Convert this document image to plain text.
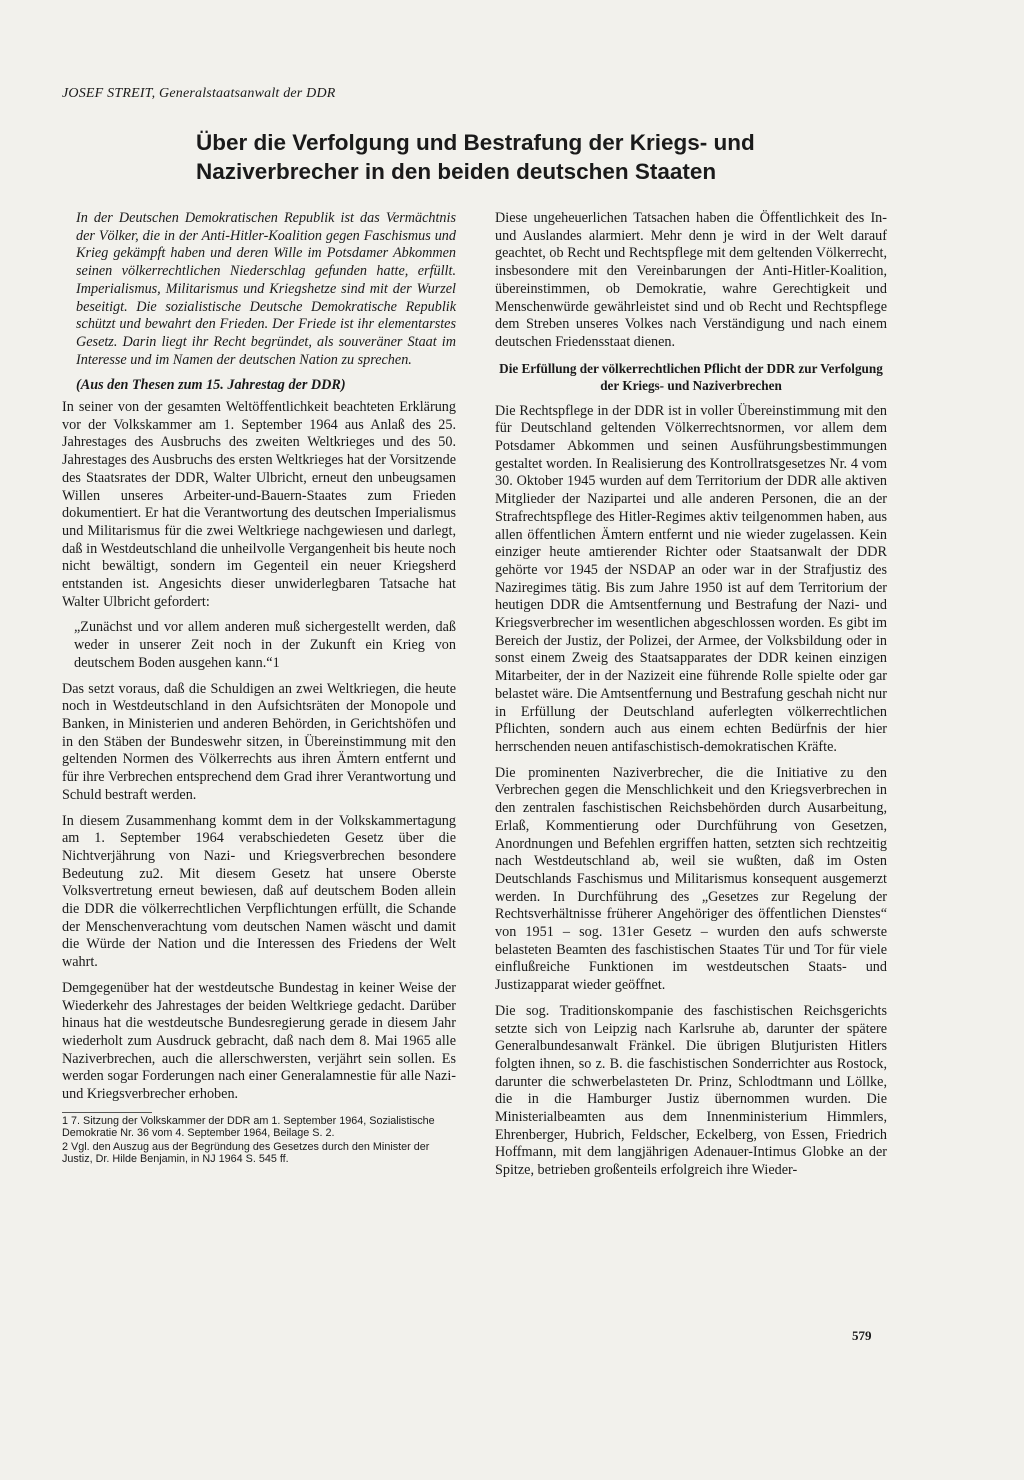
JOSEF STREIT, Generalstaatsanwalt der DDR
Über die Verfolgung und Bestrafung der Kriegs- und
Naziverbrecher in den beiden deutschen Staaten

In der Deutschen Demokratischen Republik ist das Vermächtnis der Völker, die in der Anti-Hitler-Koalition gegen Faschismus und Krieg gekämpft haben und deren Wille im Potsdamer Abkommen seinen völkerrechtlichen Niederschlag gefunden hatte, erfüllt. Imperialismus, Militarismus und Kriegshetze sind mit der Wurzel beseitigt. Die sozialistische Deutsche Demokratische Republik schützt und bewahrt den Frieden. Der Friede ist ihr elementarstes Gesetz. Darin liegt ihr Recht begründet, als souveräner Staat im Interesse und im Namen der deutschen Nation zu sprechen.

(Aus den Thesen zum 15. Jahrestag der DDR)

In seiner von der gesamten Weltöffentlichkeit beachteten Erklärung vor der Volkskammer am 1. September 1964 aus Anlaß des 25. Jahrestages des Ausbruchs des zweiten Weltkrieges und des 50. Jahrestages des Ausbruchs des ersten Weltkrieges hat der Vorsitzende des Staatsrates der DDR, Walter Ulbricht, erneut den unbeugsamen Willen unseres Arbeiter-und-Bauern-Staates zum Frieden dokumentiert. Er hat die Verantwortung des deutschen Imperialismus und Militarismus für die zwei Weltkriege nachgewiesen und darlegt, daß in Westdeutschland die unheilvolle Vergangenheit bis heute noch nicht bewältigt, sondern im Gegenteil ein neuer Kriegsherd entstanden ist. Angesichts dieser unwiderlegbaren Tatsache hat Walter Ulbricht gefordert:

„Zunächst und vor allem anderen muß sichergestellt werden, daß weder in unserer Zeit noch in der Zukunft ein Krieg von deutschem Boden ausgehen kann.“1

Das setzt voraus, daß die Schuldigen an zwei Weltkriegen, die heute noch in Westdeutschland in den Aufsichtsräten der Monopole und Banken, in Ministerien und anderen Behörden, in Gerichtshöfen und in den Stäben der Bundeswehr sitzen, in Übereinstimmung mit den geltenden Normen des Völkerrechts aus ihren Ämtern entfernt und für ihre Verbrechen entsprechend dem Grad ihrer Verantwortung und Schuld bestraft werden.

In diesem Zusammenhang kommt dem in der Volkskammertagung am 1. September 1964 verabschiedeten Gesetz über die Nichtverjährung von Nazi- und Kriegsverbrechen besondere Bedeutung zu2. Mit diesem Gesetz hat unsere Oberste Volksvertretung erneut bewiesen, daß auf deutschem Boden allein die DDR die völkerrechtlichen Verpflichtungen erfüllt, die Schande der Menschenverachtung vom deutschen Namen wäscht und damit die Würde der Nation und die Interessen des Friedens der Welt wahrt.

Demgegenüber hat der westdeutsche Bundestag in keiner Weise der Wiederkehr des Jahrestages der beiden Weltkriege gedacht. Darüber hinaus hat die westdeutsche Bundesregierung gerade in diesem Jahr wiederholt zum Ausdruck gebracht, daß nach dem 8. Mai 1965 alle Naziverbrechen, auch die allerschwersten, verjährt sein sollen. Es werden sogar Forderungen nach einer Generalamnestie für alle Nazi- und Kriegsverbrecher erhoben.

1 7. Sitzung der Volkskammer der DDR am 1. September 1964, Sozialistische Demokratie Nr. 36 vom 4. September 1964, Beilage S. 2.

2 Vgl. den Auszug aus der Begründung des Gesetzes durch den Minister der Justiz, Dr. Hilde Benjamin, in NJ 1964 S. 545 ff.

Diese ungeheuerlichen Tatsachen haben die Öffentlichkeit des In- und Auslandes alarmiert. Mehr denn je wird in der Welt darauf geachtet, ob Recht und Rechtspflege mit dem geltenden Völkerrecht, insbesondere mit den Vereinbarungen der Anti-Hitler-Koalition, übereinstimmen, ob Demokratie, wahre Gerechtigkeit und Menschenwürde gewährleistet sind und ob Recht und Rechtspflege dem Streben unseres Volkes nach Verständigung und nach einem deutschen Friedensstaat dienen.

Die Erfüllung der völkerrechtlichen Pflicht der DDR zur Verfolgung der Kriegs- und Naziverbrechen

Die Rechtspflege in der DDR ist in voller Übereinstimmung mit den für Deutschland geltenden Völkerrechtsnormen, vor allem dem Potsdamer Abkommen und seinen Ausführungsbestimmungen gestaltet worden. In Realisierung des Kontrollratsgesetzes Nr. 4 vom 30. Oktober 1945 wurden auf dem Territorium der DDR alle aktiven Mitglieder der Nazipartei und alle anderen Personen, die an der Strafrechtspflege des Hitler-Regimes aktiv teilgenommen haben, aus allen öffentlichen Ämtern entfernt und nie wieder zugelassen. Kein einziger heute amtierender Richter oder Staatsanwalt der DDR gehörte vor 1945 der NSDAP an oder war in der Strafjustiz des Naziregimes tätig. Bis zum Jahre 1950 ist auf dem Territorium der heutigen DDR die Amtsentfernung und Bestrafung der Nazi- und Kriegsverbrecher im wesentlichen abgeschlossen worden. Es gibt im Bereich der Justiz, der Polizei, der Armee, der Volksbildung oder in sonst einem Zweig des Staatsapparates der DDR keinen einzigen Mitarbeiter, der in der Nazizeit eine führende Rolle spielte oder gar belastet wäre. Die Amtsentfernung und Bestrafung geschah nicht nur in Erfüllung der Deutschland auferlegten völkerrechtlichen Pflichten, sondern auch aus einem echten Bedürfnis der hier herrschenden neuen antifaschistisch-demokratischen Kräfte.

Die prominenten Naziverbrecher, die die Initiative zu den Verbrechen gegen die Menschlichkeit und den Kriegsverbrechen in den zentralen faschistischen Reichsbehörden durch Ausarbeitung, Erlaß, Kommentierung oder Durchführung von Gesetzen, Anordnungen und Befehlen ergriffen hatten, setzten sich rechtzeitig nach Westdeutschland ab, weil sie wußten, daß im Osten Deutschlands Faschismus und Militarismus konsequent ausgemerzt werden. In Durchführung des „Gesetzes zur Regelung der Rechtsverhältnisse früherer Angehöriger des öffentlichen Dienstes“ von 1951 – sog. 131er Gesetz – wurden den aufs schwerste belasteten Beamten des faschistischen Staates Tür und Tor für viele einflußreiche Funktionen im westdeutschen Staats- und Justizapparat wieder geöffnet.

Die sog. Traditionskompanie des faschistischen Reichsgerichts setzte sich von Leipzig nach Karlsruhe ab, darunter der spätere Generalbundesanwalt Fränkel. Die übrigen Blutjuristen Hitlers folgten ihnen, so z. B. die faschistischen Sonderrichter aus Rostock, darunter die schwerbelasteten Dr. Prinz, Schlodtmann und Löllke, die in die Hamburger Justiz übernommen wurden. Die Ministerialbeamten aus dem Innenministerium Himmlers, Ehrenberger, Hubrich, Feldscher, Eckelberg, von Essen, Friedrich Hoffmann, mit dem langjährigen Adenauer-Intimus Globke an der Spitze, betrieben großenteils erfolgreich ihre Wieder-

579
